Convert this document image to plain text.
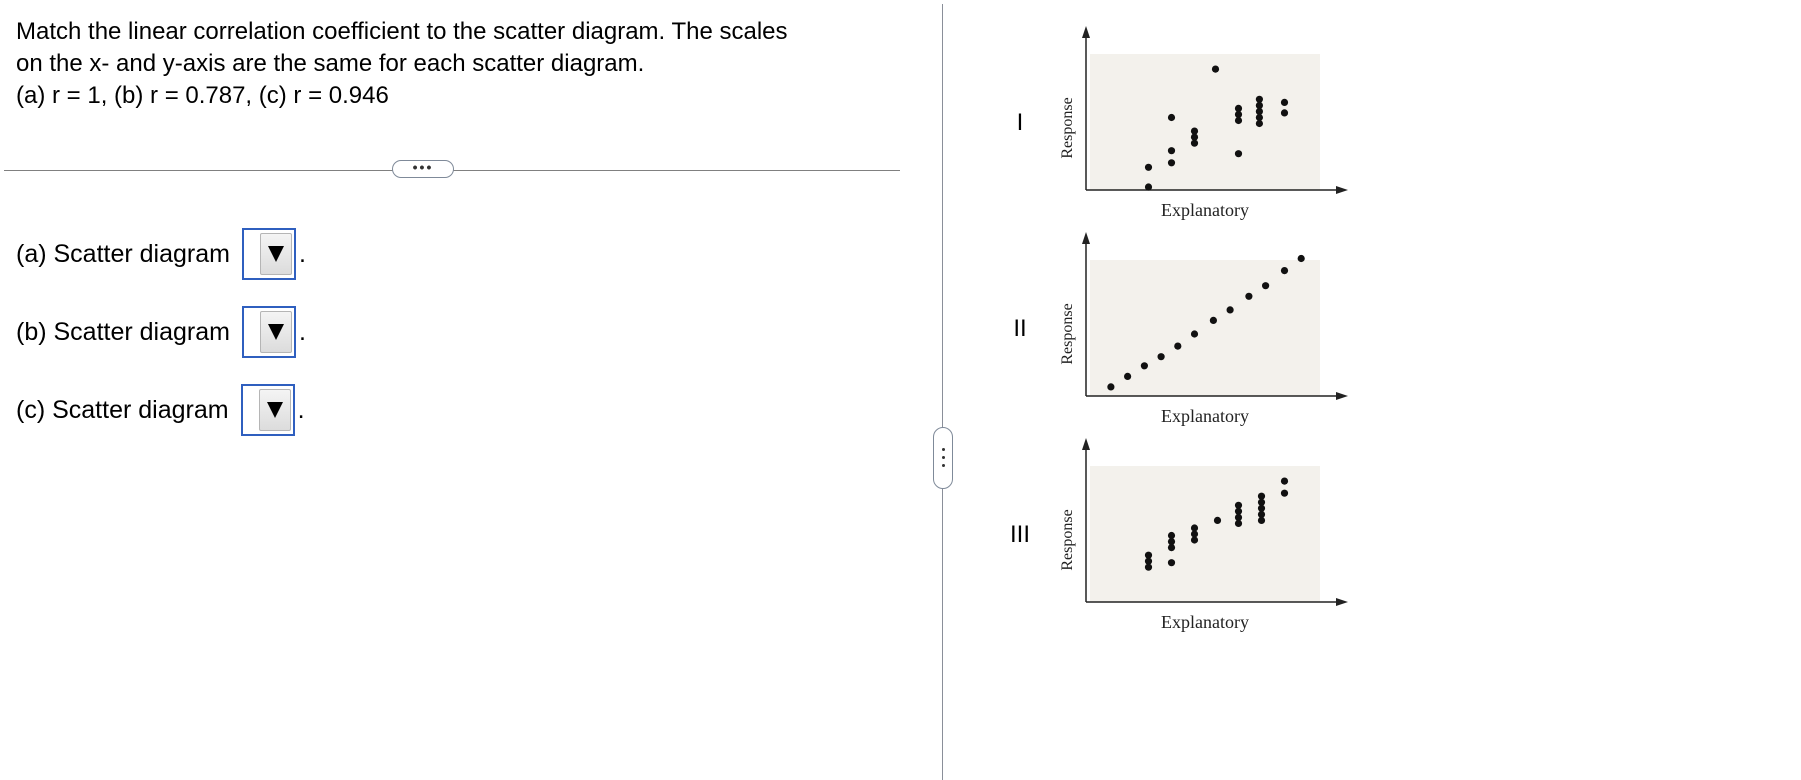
Match the linear correlation coefficient to the scatter diagram. The scales
on the x- and y-axis are the same for each scatter diagram.
(a) r = 1, (b) r = 0.787, (c) r = 0.946
•••
(a) Scatter diagram	.
(b) Scatter diagram	.
(c) Scatter diagram	.
I
Explanatory
Response
II
Explanatory
Response
III
Explanatory
Response
